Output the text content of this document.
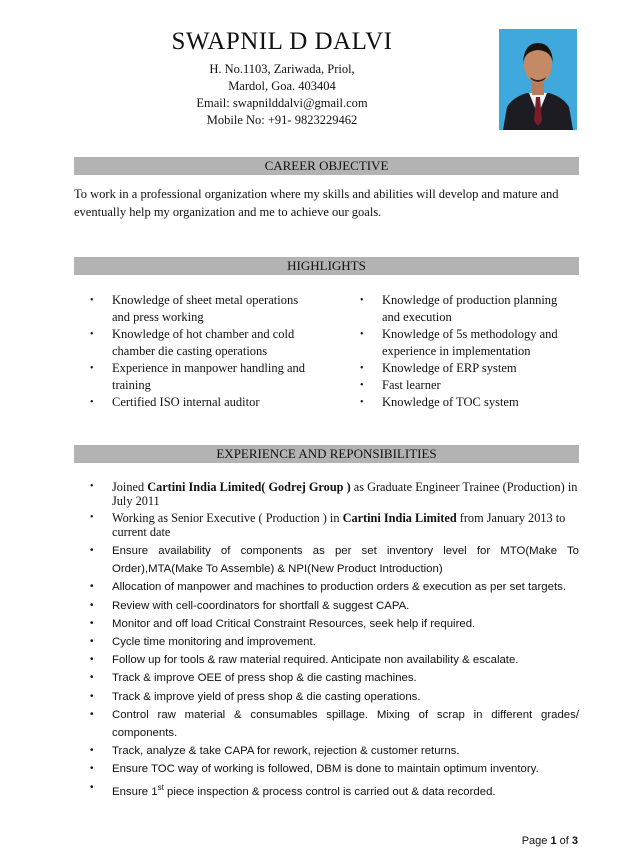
SWAPNIL D DALVI
H. No.1103, Zariwada, Priol,
Mardol, Goa. 403404
Email: swapnilddalvi@gmail.com
Mobile No: +91- 9823229462
CAREER OBJECTIVE
To work in a professional organization where my skills and abilities will develop and mature and
eventually help my organization and me to achieve our goals.
HIGHLIGHTS
• Knowledge of sheet metal operations
and press working
• Knowledge of hot chamber and cold
chamber die casting operations
• Experience in manpower handling and
training
• Certified ISO internal auditor
• Knowledge of production planning
and execution
• Knowledge of 5s methodology and
experience in implementation
• Knowledge of ERP system
• Fast learner
• Knowledge of TOC system
EXPERIENCE AND REPONSIBILITIES
• Joined Cartini India Limited( Godrej Group ) as Graduate Engineer Trainee (Production) in July 2011
• Working as Senior Executive ( Production ) in Cartini India Limited from January 2013 to current date
• Ensure availability of components as per set inventory level for MTO(Make To Order),MTA(Make To Assemble) & NPI(New Product Introduction)
• Allocation of manpower and machines to production orders & execution as per set targets.
• Review with cell-coordinators for shortfall & suggest CAPA.
• Monitor and off load Critical Constraint Resources, seek help if required.
• Cycle time monitoring and improvement.
• Follow up for tools & raw material required. Anticipate non availability & escalate.
• Track & improve OEE of press shop & die casting machines.
• Track & improve yield of press shop & die casting operations.
• Control raw material & consumables spillage. Mixing of scrap in different grades/ components.
• Track, analyze & take CAPA for rework, rejection & customer returns.
• Ensure TOC way of working is followed, DBM is done to maintain optimum inventory.
• Ensure 1st piece inspection & process control is carried out & data recorded.
Page 1 of 3
